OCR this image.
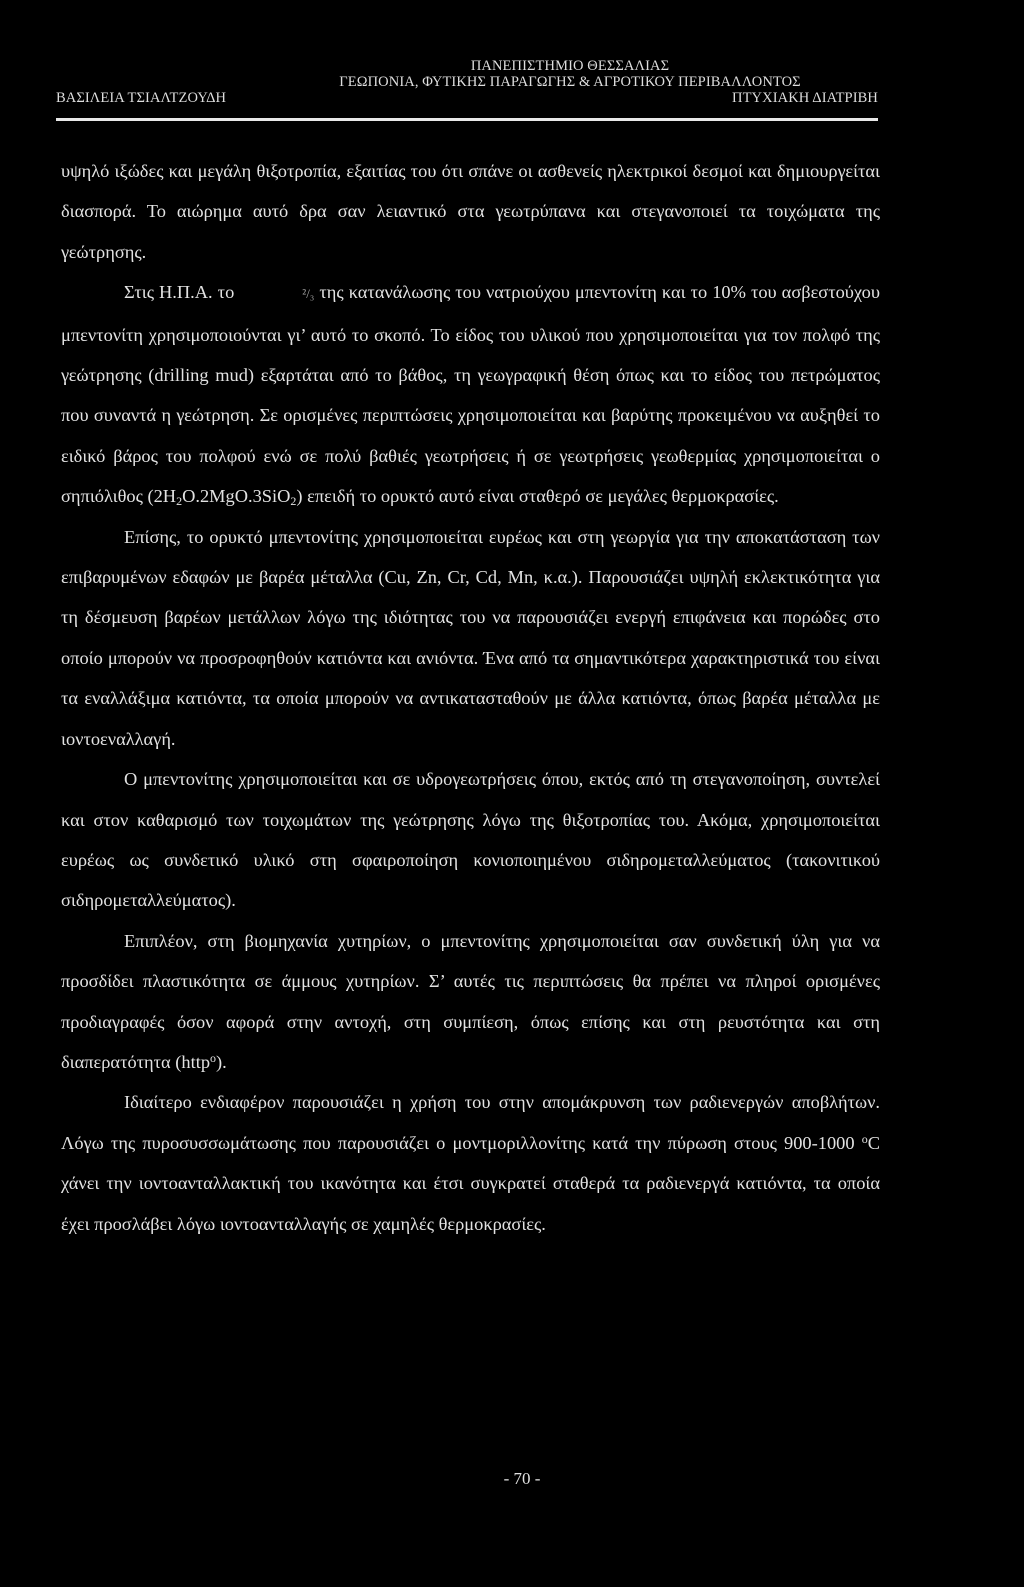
ΠΑΝΕΠΙΣΤΗΜΙΟ ΘΕΣΣΑΛΙΑΣ
ΓΕΩΠΟΝΙΑ, ΦΥΤΙΚΗΣ ΠΑΡΑΓΩΓΗΣ & ΑΓΡΟΤΙΚΟΥ ΠΕΡΙΒΑΛΛΟΝΤΟΣ
ΒΑΣΙΛΕΙΑ ΤΣΙΑΛΤΖΟΥΔΗ	ΠΤΥΧΙΑΚΗ ΔΙΑΤΡΙΒΗ

υψηλό ιξώδες και μεγάλη θιξοτροπία, εξαιτίας του ότι σπάνε οι ασθενείς ηλεκτρικοί δεσμοί και δημιουργείται διασπορά. Το αιώρημα αυτό δρα σαν λειαντικό στα γεωτρύπανα και στεγανοποιεί τα τοιχώματα της γεώτρησης.

Στις Η.Π.Α. το	²/₃ της κατανάλωσης του νατριούχου μπεντονίτη και το 10% του ασβεστούχου μπεντονίτη χρησιμοποιούνται γι’ αυτό το σκοπό. Το είδος του υλικού που χρησιμοποιείται για τον πολφό της γεώτρησης (drilling mud) εξαρτάται από το βάθος, τη γεωγραφική θέση όπως και το είδος του πετρώματος που συναντά η γεώτρηση. Σε ορισμένες περιπτώσεις χρησιμοποιείται και βαρύτης προκειμένου να αυξηθεί το ειδικό βάρος του πολφού ενώ σε πολύ βαθιές γεωτρήσεις ή σε γεωτρήσεις γεωθερμίας χρησιμοποιείται ο σηπιόλιθος $(2H_2O.2MgO.3SiO_2)$ επειδή το ορυκτό αυτό είναι σταθερό σε μεγάλες θερμοκρασίες.

Επίσης, το ορυκτό μπεντονίτης χρησιμοποιείται ευρέως και στη γεωργία για την αποκατάσταση των επιβαρυμένων εδαφών με βαρέα μέταλλα (Cu, Zn, Cr, Cd, Mn, κ.α.). Παρουσιάζει υψηλή εκλεκτικότητα για τη δέσμευση βαρέων μετάλλων λόγω της ιδιότητας του να παρουσιάζει ενεργή επιφάνεια και πορώδες στο οποίο μπορούν να προσροφηθούν κατιόντα και ανιόντα. Ένα από τα σημαντικότερα χαρακτηριστικά του είναι τα εναλλάξιμα κατιόντα, τα οποία μπορούν να αντικατασταθούν με άλλα κατιόντα, όπως βαρέα μέταλλα με ιοντοεναλλαγή.

Ο μπεντονίτης χρησιμοποιείται και σε υδρογεωτρήσεις όπου, εκτός από τη στεγανοποίηση, συντελεί και στον καθαρισμό των τοιχωμάτων της γεώτρησης λόγω της θιξοτροπίας του. Ακόμα, χρησιμοποιείται ευρέως ως συνδετικό υλικό στη σφαιροποίηση κονιοποιημένου σιδηρομεταλλεύματος (τακονιτικού σιδηρομεταλλεύματος).

Επιπλέον, στη βιομηχανία χυτηρίων, ο μπεντονίτης χρησιμοποιείται σαν συνδετική ύλη για να προσδίδει πλαστικότητα σε άμμους χυτηρίων. Σ’ αυτές τις περιπτώσεις θα πρέπει να πληροί ορισμένες προδιαγραφές όσον αφορά στην αντοχή, στη συμπίεση, όπως επίσης και στη ρευστότητα και στη διαπερατότητα (http$^o$).

Ιδιαίτερο ενδιαφέρον παρουσιάζει η χρήση του στην απομάκρυνση των ραδιενεργών αποβλήτων. Λόγω της πυροσυσσωμάτωσης που παρουσιάζει ο μοντμοριλλονίτης κατά την πύρωση στους 900-1000 $^o$C χάνει την ιοντοανταλλακτική του ικανότητα και έτσι συγκρατεί σταθερά τα ραδιενεργά κατιόντα, τα οποία έχει προσλάβει λόγω ιοντοανταλλαγής σε χαμηλές θερμοκρασίες.

- 70 -
